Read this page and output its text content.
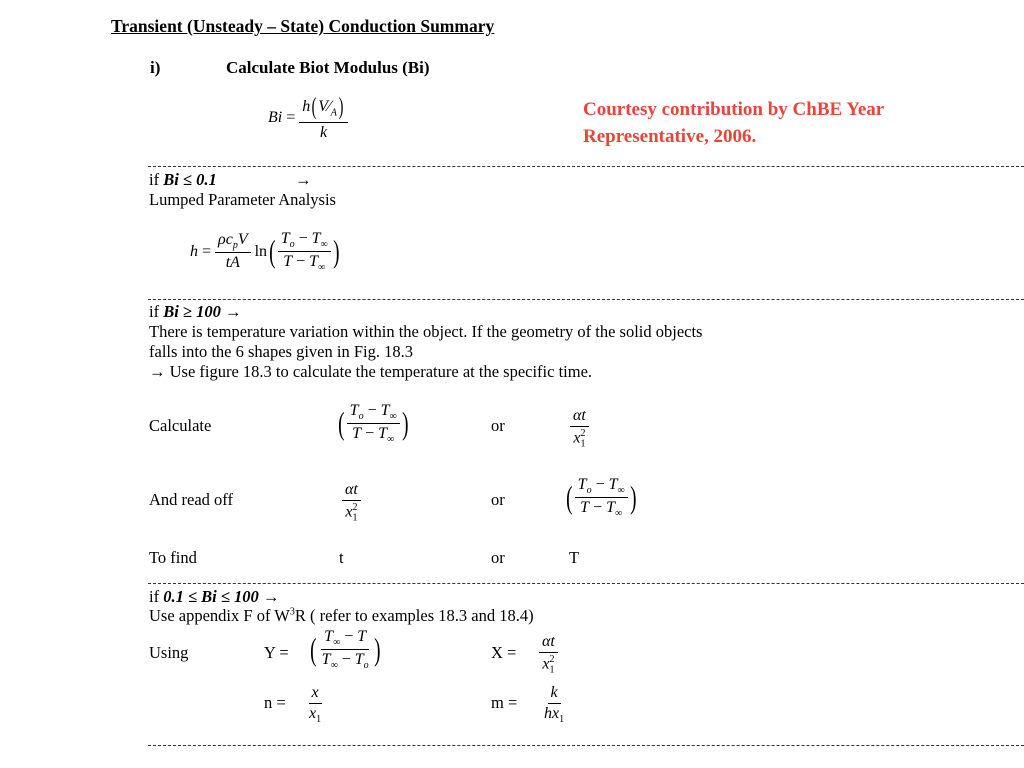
Transient (Unsteady – State) Conduction Summary
i)	Calculate Biot Modulus (Bi)
$Bi = \frac{h( V∕_A)}{k}$	Courtesy contribution by ChBE Year
Representative, 2006.
if Bi ≤ 0.1	→
Lumped Parameter Analysis
$h = \frac{\rho c_pV}{tA}$ ln ( $\frac{T_o - T_\infty}{T - T_\infty}$ )
if Bi ≥ 100 →
There is temperature variation within the object. If the geometry of the solid objects
falls into the 6 shapes given in Fig. 18.3
→ Use figure 18.3 to calculate the temperature at the specific time.
Calculate	( $\frac{T_o - T_\infty}{T - T_\infty}$ )	or	$\frac{\alpha t}{x_1^2}$
And read off	$\frac{\alpha t}{x_1^2}$	or ( $\frac{T_o - T_\infty}{T - T_\infty}$ )
To find	t	or	T
if 0.1 ≤ Bi ≤ 100 →
Use appendix F of $W^3R$ ( refer to examples 18.3 and 18.4)
Using	Y = ( $\frac{T_\infty - T}{T_\infty - T_o}$ )	$X = \frac{\alpha t}{x_1^2}$
$n = \frac{x}{x_1}$	$m = \frac{k}{hx_1}$
